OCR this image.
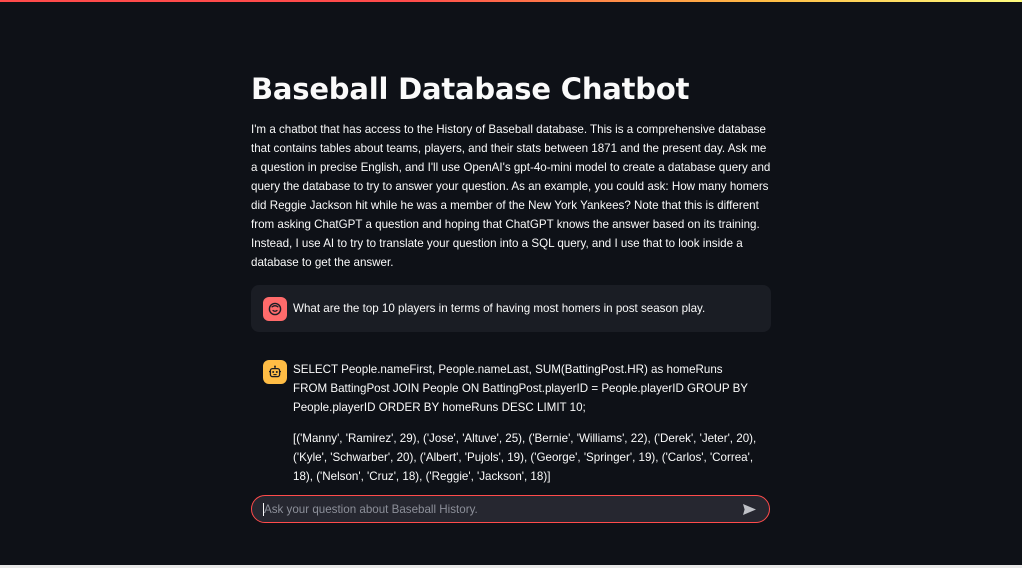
Baseball Database Chatbot
I'm a chatbot that has access to the History of Baseball database. This is a comprehensive database that contains tables about teams, players, and their stats between 1871 and the present day. Ask me a question in precise English, and I'll use OpenAI's gpt-4o-mini model to create a database query and query the database to try to answer your question. As an example, you could ask: How many homers did Reggie Jackson hit while he was a member of the New York Yankees? Note that this is different from asking ChatGPT a question and hoping that ChatGPT knows the answer based on its training. Instead, I use AI to try to translate your question into a SQL query, and I use that to look inside a database to get the answer.
What are the top 10 players in terms of having most homers in post season play.

SELECT People.nameFirst, People.nameLast, SUM(BattingPost.HR) as homeRuns FROM BattingPost JOIN People ON BattingPost.playerID = People.playerID GROUP BY People.playerID ORDER BY homeRuns DESC LIMIT 10;

[('Manny', 'Ramirez', 29), ('Jose', 'Altuve', 25), ('Bernie', 'Williams', 22), ('Derek', 'Jeter', 20), ('Kyle', 'Schwarber', 20), ('Albert', 'Pujols', 19), ('George', 'Springer', 19), ('Carlos', 'Correa', 18), ('Nelson', 'Cruz', 18), ('Reggie', 'Jackson', 18)]

Ask your question about Baseball History.
